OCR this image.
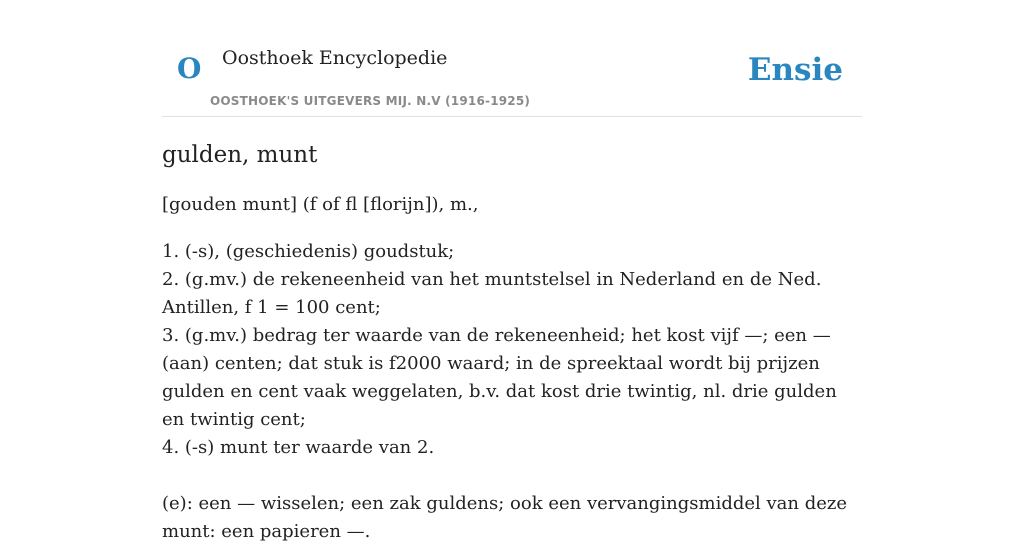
O Oosthoek Encyclopedie
OOSTHOEK'S UITGEVERS MIJ. N.V (1916-1925)
Ensie
gulden, munt
[gouden munt] (f of fl [florijn]), m.,
1. (-s), (geschiedenis) goudstuk;
2. (g.mv.) de rekeneenheid van het muntstelsel in Nederland en de Ned. Antillen, f 1 = 100 cent;
3. (g.mv.) bedrag ter waarde van de rekeneenheid; het kost vijf —; een —(aan) centen; dat stuk is f2000 waard; in de spreektaal wordt bij prijzen gulden en cent vaak weggelaten, b.v. dat kost drie twintig, nl. drie gulden en twintig cent;
4. (-s) munt ter waarde van 2.
(e): een — wisselen; een zak guldens; ook een vervangingsmiddel van deze munt: een papieren —.
